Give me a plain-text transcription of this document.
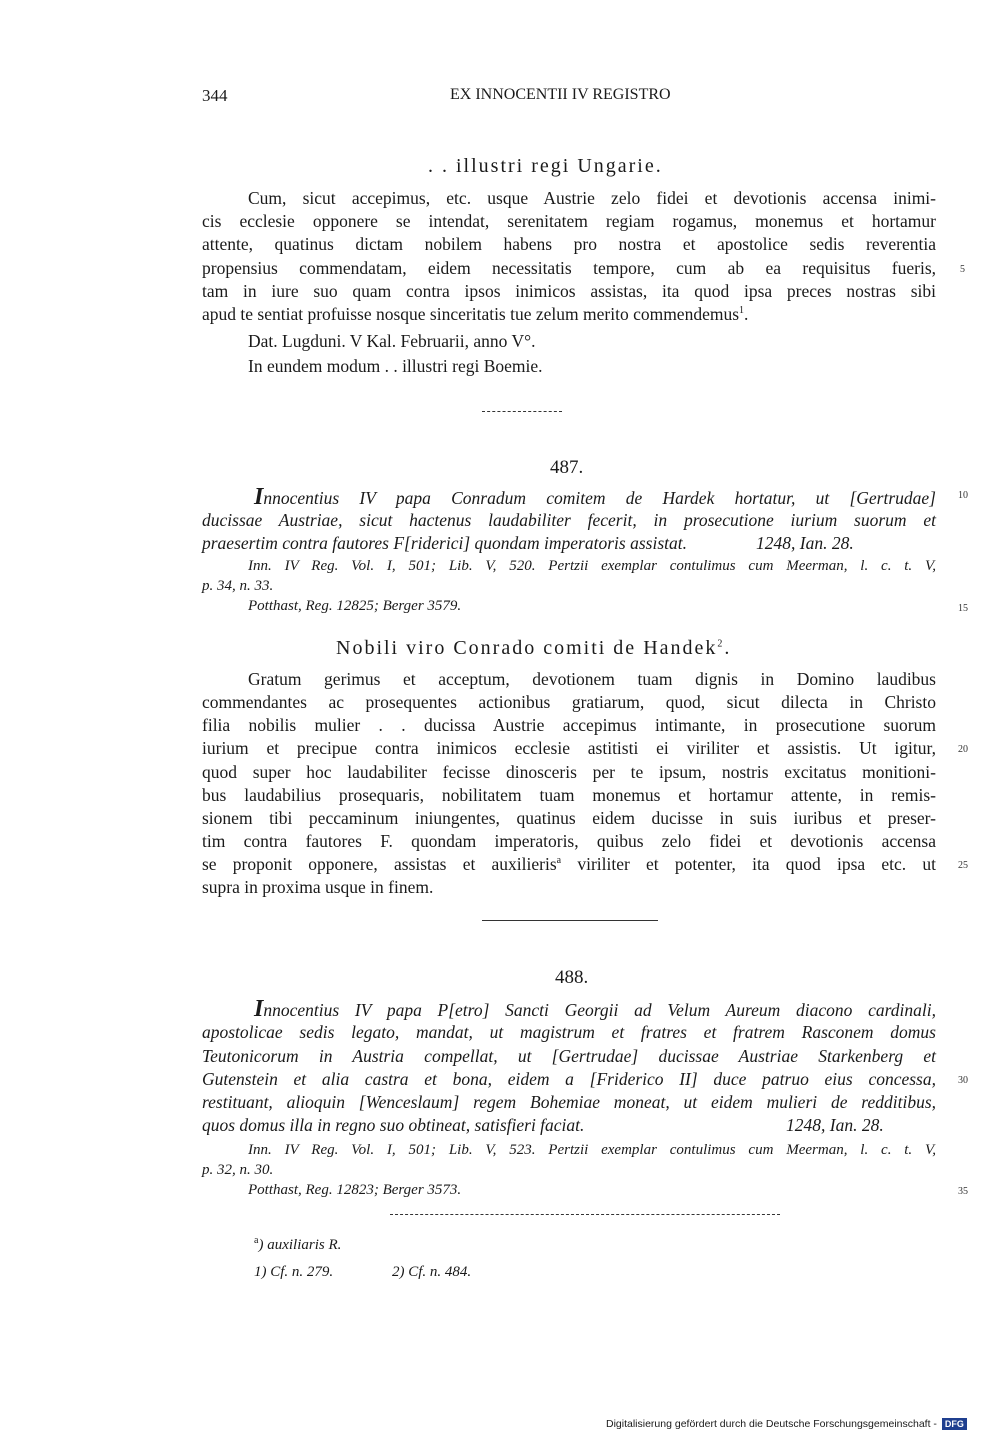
344	EX INNOCENTII IV REGISTRO
. . illustri regi Ungarie.
Cum, sicut accepimus, etc. usque Austrie zelo fidei et devotionis accensa inimi-
cis ecclesie opponere se intendat, serenitatem regiam rogamus, monemus et hortamur
attente, quatinus dictam nobilem habens pro nostra et apostolice sedis reverentia
propensius commendatam, eidem necessitatis tempore, cum ab ea requisitus fueris,
tam in iure suo quam contra ipsos inimicos assistas, ita quod ipsa preces nostras sibi
apud te sentiat profuisse nosque sinceritatis tue zelum merito commendemus$^1$.
Dat. Lugduni. V Kal. Februarii, anno V°.
In eundem modum . . illustri regi Boemie.
487.
Innocentius IV papa Conradum comitem de Hardek hortatur, ut [Gertrudae]
ducissae Austriae, sicut hactenus laudabiliter fecerit, in prosecutione iurium suorum et
praesertim contra fautores F[riderici] quondam imperatoris assistat.	1248, Ian. 28.
Inn. IV Reg. Vol. I, 501; Lib. V, 520. Pertzii exemplar contulimus cum Meerman, l. c. t. V,
p. 34, n. 33.
Potthast, Reg. 12825; Berger 3579.
Nobili viro Conrado comiti de Handek$^2$.
Gratum gerimus et acceptum, devotionem tuam dignis in Domino laudibus
commendantes ac prosequentes actionibus gratiarum, quod, sicut dilecta in Christo
filia nobilis mulier . . ducissa Austrie accepimus intimante, in prosecutione suorum
iurium et precipue contra inimicos ecclesie astitisti ei viriliter et assistis. Ut igitur,
quod super hoc laudabiliter fecisse dinosceris per te ipsum, nostris excitatus monitioni-
bus laudabilius prosequaris, nobilitatem tuam monemus et hortamur attente, in remis-
sionem tibi peccaminum iniungentes, quatinus eidem ducisse in suis iuribus et preser-
tim contra fautores F. quondam imperatoris, quibus zelo fidei et devotionis accensa
se proponit opponere, assistas et auxilieris$^a$ viriliter et potenter, ita quod ipsa etc. ut
supra in proxima usque in finem.
488.
Innocentius IV papa P[etro] Sancti Georgii ad Velum Aureum diacono cardinali,
apostolicae sedis legato, mandat, ut magistrum et fratres et fratrem Rasconem domus
Teutonicorum in Austria compellat, ut [Gertrudae] ducissae Austriae Starkenberg et
Gutenstein et alia castra et bona, eidem a [Friderico II] duce patruo eius concessa,
restituant, alioquin [Wenceslaum] regem Bohemiae moneat, ut eidem mulieri de redditibus,
quos domus illa in regno suo obtineat, satisfieri faciat.	1248, Ian. 28.
Inn. IV Reg. Vol. I, 501; Lib. V, 523. Pertzii exemplar contulimus cum Meerman, l. c. t. V,
p. 32, n. 30.
Potthast, Reg. 12823; Berger 3573.
$^a$) auxiliaris R.
1) Cf. n. 279.	2) Cf. n. 484.
5
10
15
20
25
30
35
Digitalisierung gefördert durch die Deutsche Forschungsgemeinschaft - DFG
